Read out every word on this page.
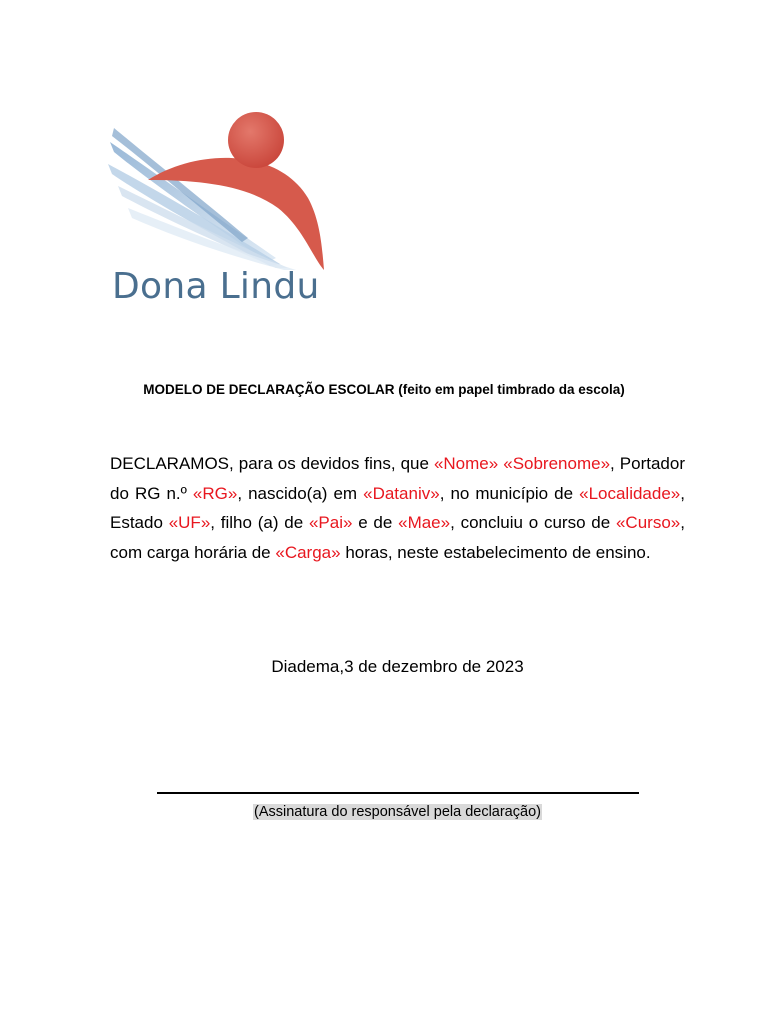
Dona Lindu
MODELO DE DECLARAÇÃO ESCOLAR (feito em papel timbrado da escola)
DECLARAMOS, para os devidos fins, que «Nome» «Sobrenome», Portador do RG n.º «RG», nascido(a) em «Dataniv», no município de «Localidade», Estado «UF», filho (a) de «Pai» e de «Mae», concluiu o curso de «Curso», com carga horária de «Carga» horas, neste estabelecimento de ensino.
Diadema,3 de dezembro de 2023
(Assinatura do responsável pela declaração)
